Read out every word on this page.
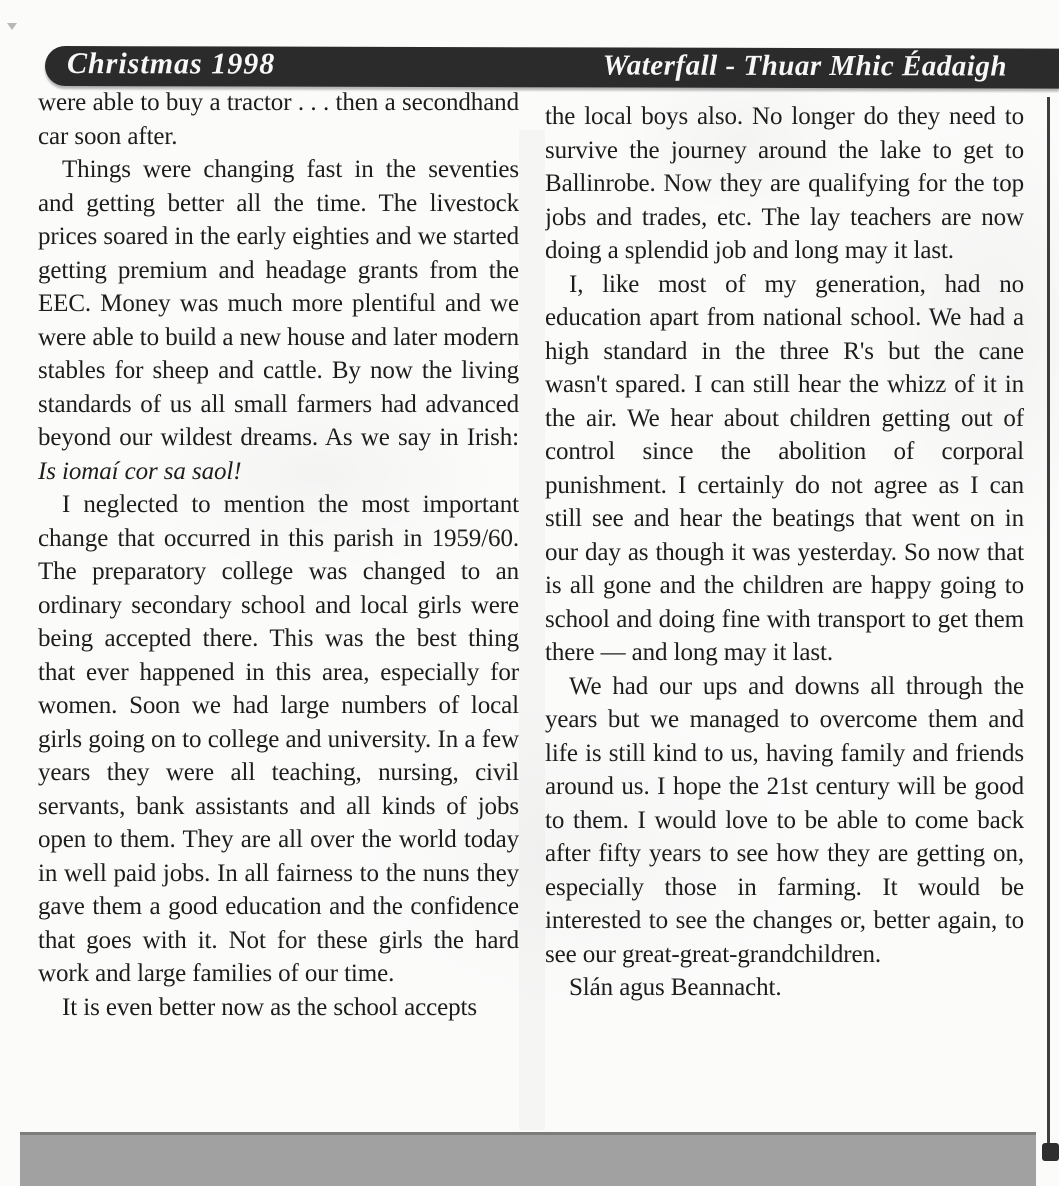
Christmas 1998	Waterfall - Thuar Mhic Éadaigh

were able to buy a tractor . . . then a secondhand car soon after.

Things were changing fast in the seventies and getting better all the time. The livestock prices soared in the early eighties and we started getting premium and headage grants from the EEC. Money was much more plentiful and we were able to build a new house and later modern stables for sheep and cattle. By now the living standards of us all small farmers had advanced beyond our wildest dreams. As we say in Irish: Is iomaí cor sa saol!

I neglected to mention the most important change that occurred in this parish in 1959/60. The preparatory college was changed to an ordinary secondary school and local girls were being accepted there. This was the best thing that ever happened in this area, especially for women. Soon we had large numbers of local girls going on to college and university. In a few years they were all teaching, nursing, civil servants, bank assistants and all kinds of jobs open to them. They are all over the world today in well paid jobs. In all fairness to the nuns they gave them a good education and the confidence that goes with it. Not for these girls the hard work and large families of our time.

It is even better now as the school accepts

the local boys also. No longer do they need to survive the journey around the lake to get to Ballinrobe. Now they are qualifying for the top jobs and trades, etc. The lay teachers are now doing a splendid job and long may it last.

I, like most of my generation, had no education apart from national school. We had a high standard in the three R's but the cane wasn't spared. I can still hear the whizz of it in the air. We hear about children getting out of control since the abolition of corporal punishment. I certainly do not agree as I can still see and hear the beatings that went on in our day as though it was yesterday. So now that is all gone and the children are happy going to school and doing fine with transport to get them there — and long may it last.

We had our ups and downs all through the years but we managed to overcome them and life is still kind to us, having family and friends around us. I hope the 21st century will be good to them. I would love to be able to come back after fifty years to see how they are getting on, especially those in farming. It would be interested to see the changes or, better again, to see our great-great-grandchildren.

Slán agus Beannacht.
